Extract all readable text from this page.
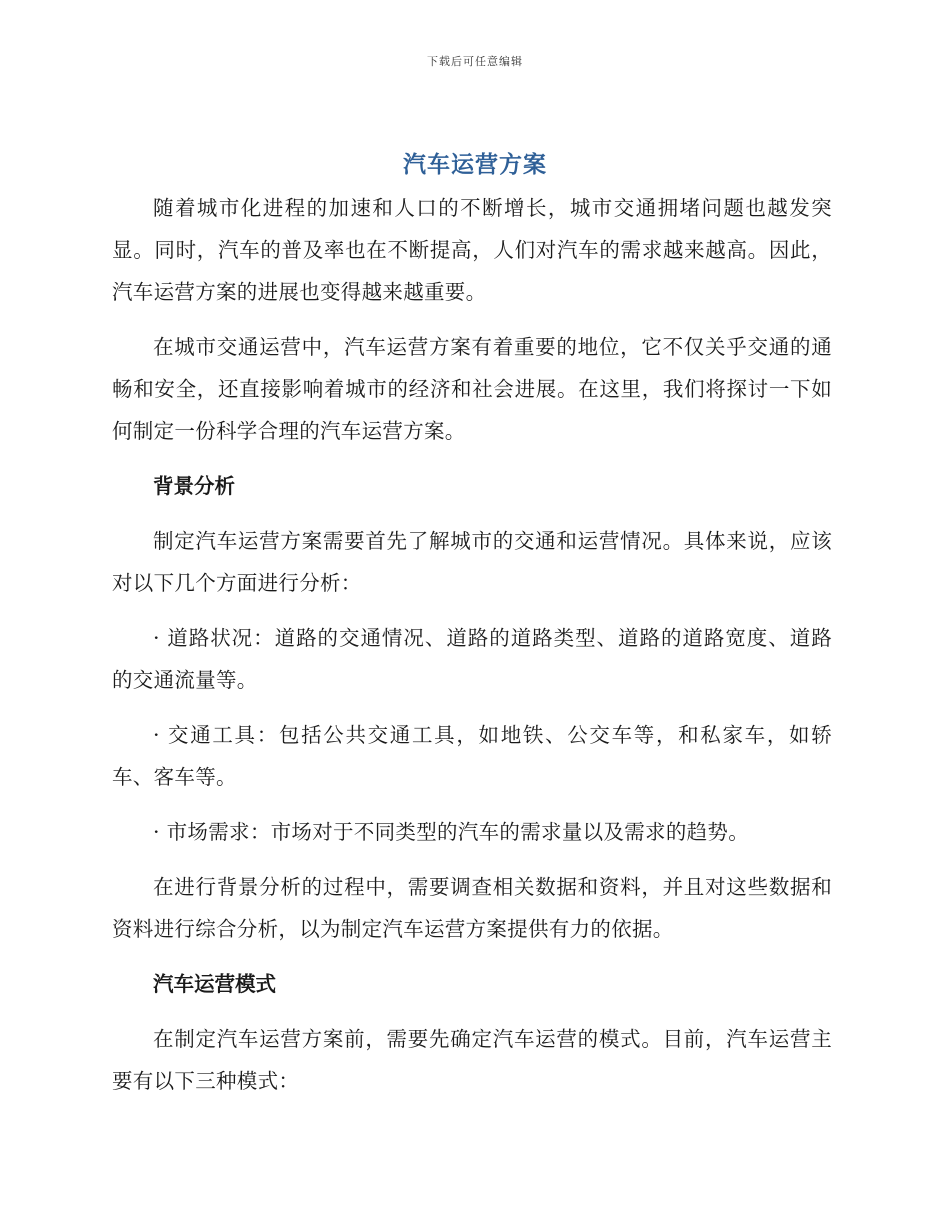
下载后可任意编辑
汽车运营方案

随着城市化进程的加速和人口的不断增长，城市交通拥堵问题也越发突显。同时，汽车的普及率也在不断提高，人们对汽车的需求越来越高。因此，汽车运营方案的进展也变得越来越重要。

在城市交通运营中，汽车运营方案有着重要的地位，它不仅关乎交通的通畅和安全，还直接影响着城市的经济和社会进展。在这里，我们将探讨一下如何制定一份科学合理的汽车运营方案。

背景分析

制定汽车运营方案需要首先了解城市的交通和运营情况。具体来说，应该对以下几个方面进行分析：

· 道路状况：道路的交通情况、道路的道路类型、道路的道路宽度、道路的交通流量等。

· 交通工具：包括公共交通工具，如地铁、公交车等，和私家车，如轿车、客车等。

· 市场需求：市场对于不同类型的汽车的需求量以及需求的趋势。

在进行背景分析的过程中，需要调查相关数据和资料，并且对这些数据和资料进行综合分析，以为制定汽车运营方案提供有力的依据。

汽车运营模式

在制定汽车运营方案前，需要先确定汽车运营的模式。目前，汽车运营主要有以下三种模式：
